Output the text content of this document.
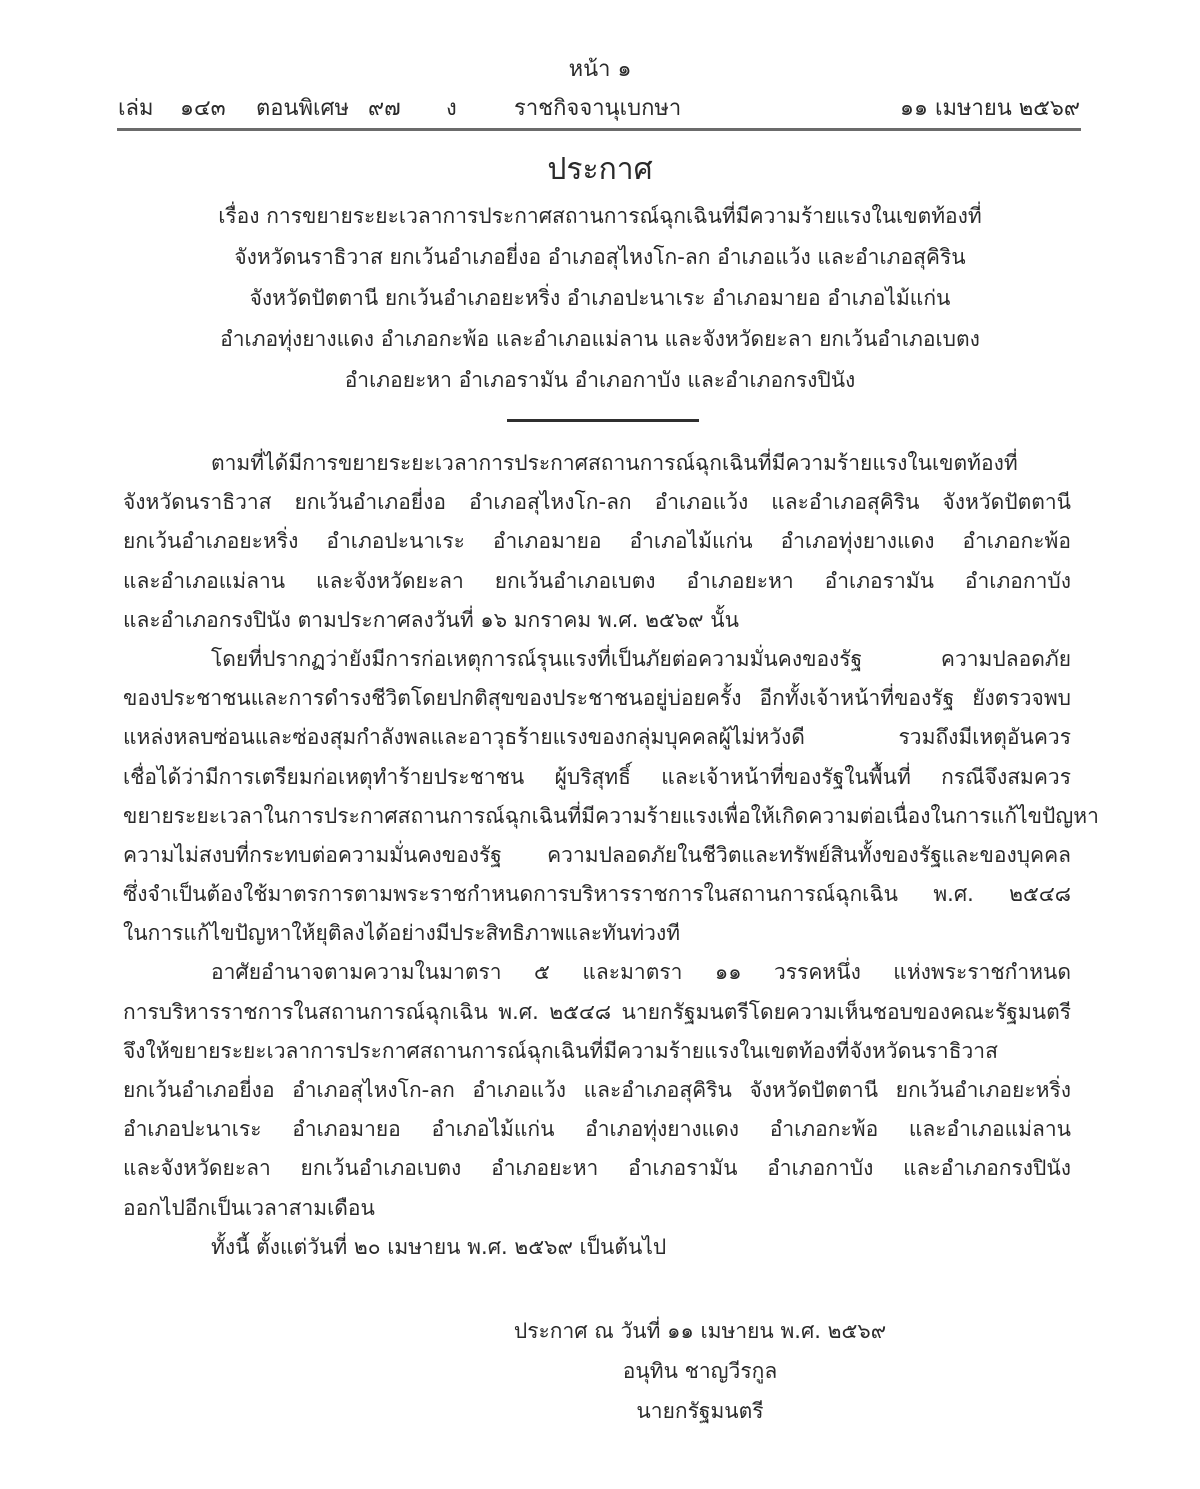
หน้า ๑
เล่ม ๑๔๓ ตอนพิเศษ ๙๗ ง	ราชกิจจานุเบกษา	๑๑ เมษายน ๒๕๖๙
ประกาศ
เรื่อง การขยายระยะเวลาการประกาศสถานการณ์ฉุกเฉินที่มีความร้ายแรงในเขตท้องที่
จังหวัดนราธิวาส ยกเว้นอำเภอยี่งอ อำเภอสุไหงโก-ลก อำเภอแว้ง และอำเภอสุคิริน
จังหวัดปัตตานี ยกเว้นอำเภอยะหริ่ง อำเภอปะนาเระ อำเภอมายอ อำเภอไม้แก่น
อำเภอทุ่งยางแดง อำเภอกะพ้อ และอำเภอแม่ลาน และจังหวัดยะลา ยกเว้นอำเภอเบตง
อำเภอยะหา อำเภอรามัน อำเภอกาบัง และอำเภอกรงปินัง
ตามที่ได้มีการขยายระยะเวลาการประกาศสถานการณ์ฉุกเฉินที่มีความร้ายแรงในเขตท้องที่
จังหวัดนราธิวาส ยกเว้นอำเภอยี่งอ อำเภอสุไหงโก-ลก อำเภอแว้ง และอำเภอสุคิริน จังหวัดปัตตานี
ยกเว้นอำเภอยะหริ่ง อำเภอปะนาเระ อำเภอมายอ อำเภอไม้แก่น อำเภอทุ่งยางแดง อำเภอกะพ้อ
และอำเภอแม่ลาน และจังหวัดยะลา ยกเว้นอำเภอเบตง อำเภอยะหา อำเภอรามัน อำเภอกาบัง
และอำเภอกรงปินัง ตามประกาศลงวันที่ ๑๖ มกราคม พ.ศ. ๒๕๖๙ นั้น
โดยที่ปรากฏว่ายังมีการก่อเหตุการณ์รุนแรงที่เป็นภัยต่อความมั่นคงของรัฐ ความปลอดภัย
ของประชาชนและการดำรงชีวิตโดยปกติสุขของประชาชนอยู่บ่อยครั้ง อีกทั้งเจ้าหน้าที่ของรัฐ ยังตรวจพบ
แหล่งหลบซ่อนและซ่องสุมกำลังพลและอาวุธร้ายแรงของกลุ่มบุคคลผู้ไม่หวังดี รวมถึงมีเหตุอันควร
เชื่อได้ว่ามีการเตรียมก่อเหตุทำร้ายประชาชน ผู้บริสุทธิ์ และเจ้าหน้าที่ของรัฐในพื้นที่ กรณีจึงสมควร
ขยายระยะเวลาในการประกาศสถานการณ์ฉุกเฉินที่มีความร้ายแรงเพื่อให้เกิดความต่อเนื่องในการแก้ไขปัญหา
ความไม่สงบที่กระทบต่อความมั่นคงของรัฐ ความปลอดภัยในชีวิตและทรัพย์สินทั้งของรัฐและของบุคคล
ซึ่งจำเป็นต้องใช้มาตรการตามพระราชกำหนดการบริหารราชการในสถานการณ์ฉุกเฉิน พ.ศ. ๒๕๔๘
ในการแก้ไขปัญหาให้ยุติลงได้อย่างมีประสิทธิภาพและทันท่วงที
อาศัยอำนาจตามความในมาตรา ๕ และมาตรา ๑๑ วรรคหนึ่ง แห่งพระราชกำหนด
การบริหารราชการในสถานการณ์ฉุกเฉิน พ.ศ. ๒๕๔๘ นายกรัฐมนตรีโดยความเห็นชอบของคณะรัฐมนตรี
จึงให้ขยายระยะเวลาการประกาศสถานการณ์ฉุกเฉินที่มีความร้ายแรงในเขตท้องที่จังหวัดนราธิวาส
ยกเว้นอำเภอยี่งอ อำเภอสุไหงโก-ลก อำเภอแว้ง และอำเภอสุคิริน จังหวัดปัตตานี ยกเว้นอำเภอยะหริ่ง
อำเภอปะนาเระ อำเภอมายอ อำเภอไม้แก่น อำเภอทุ่งยางแดง อำเภอกะพ้อ และอำเภอแม่ลาน
และจังหวัดยะลา ยกเว้นอำเภอเบตง อำเภอยะหา อำเภอรามัน อำเภอกาบัง และอำเภอกรงปินัง
ออกไปอีกเป็นเวลาสามเดือน
ทั้งนี้ ตั้งแต่วันที่ ๒๐ เมษายน พ.ศ. ๒๕๖๙ เป็นต้นไป
ประกาศ ณ วันที่ ๑๑ เมษายน พ.ศ. ๒๕๖๙
อนุทิน ชาญวีรกูล
นายกรัฐมนตรี
